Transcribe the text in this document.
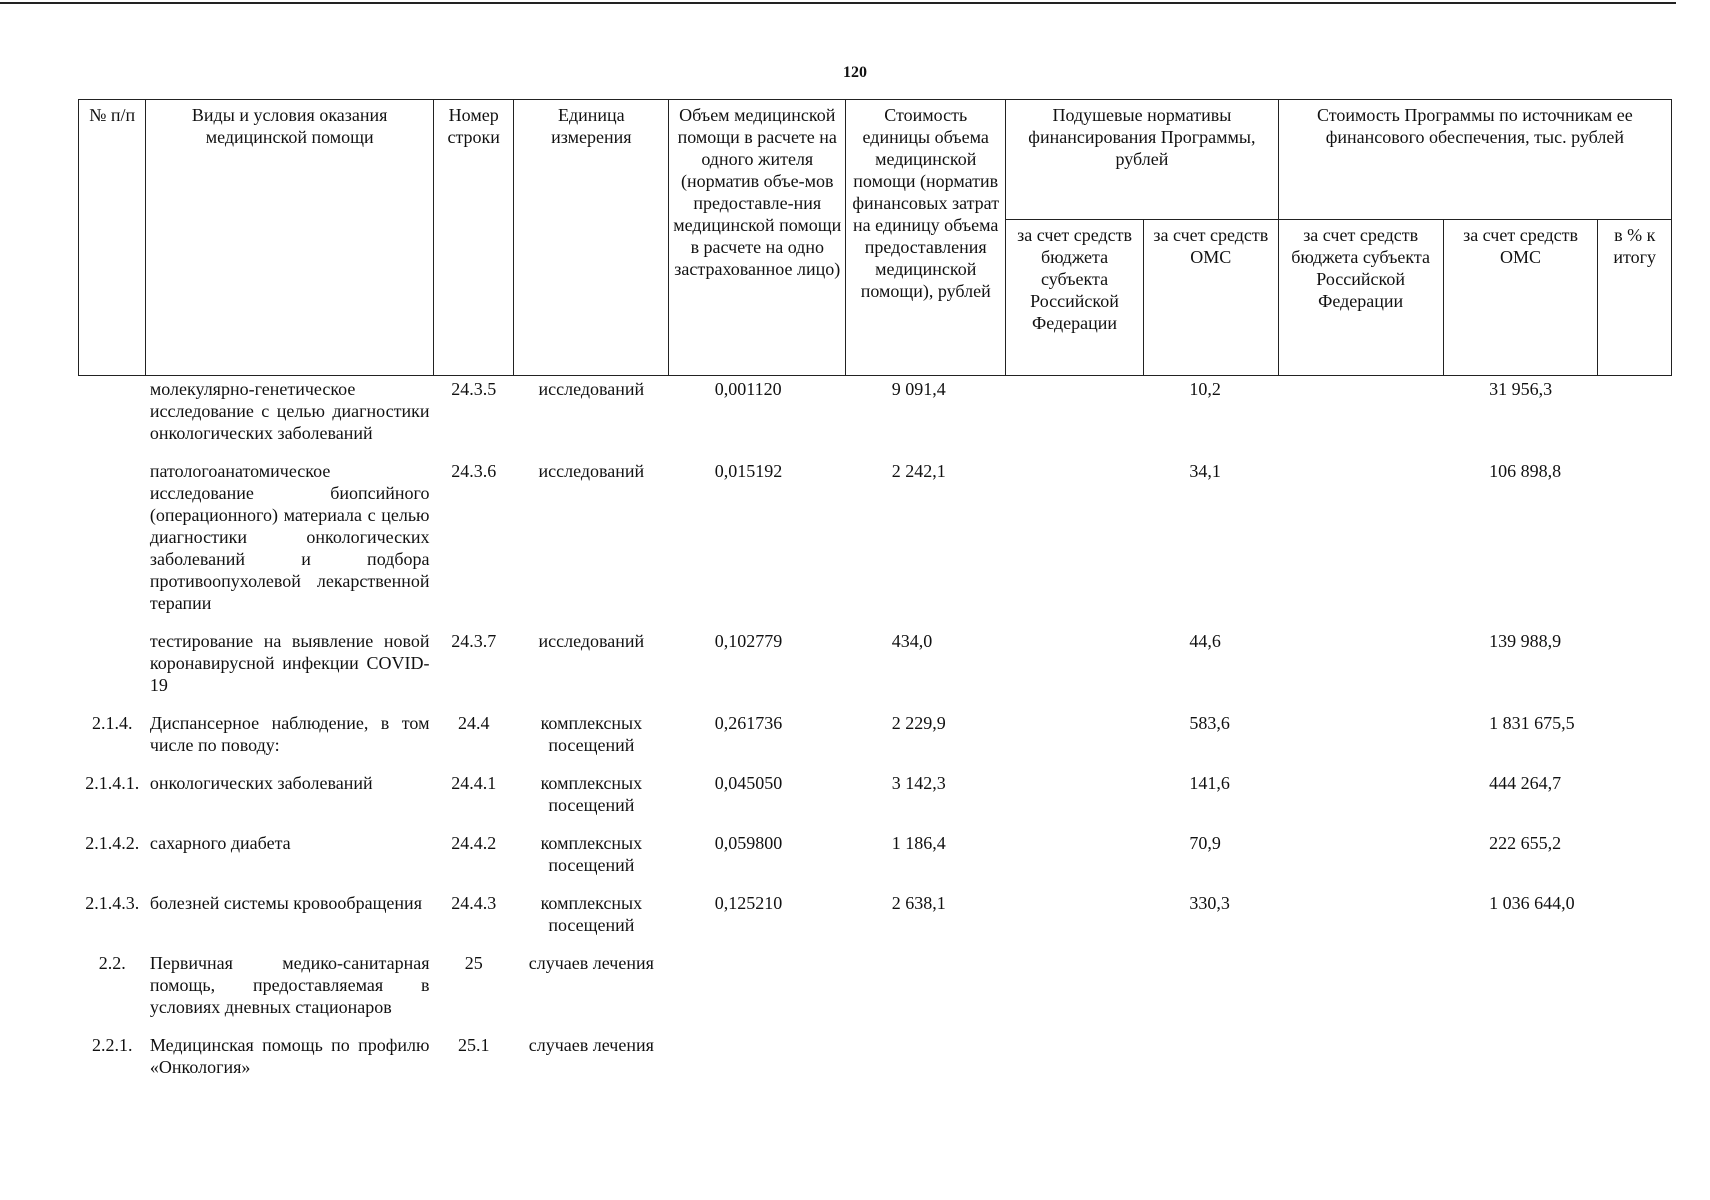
120
№ п/п	Виды и условия оказания медицинской помощи	Номер строки	Единица измерения	Объем медицинской помощи в расчете на одного жителя (норматив объе-мов предоставле-ния медицинской помощи в расчете на одно застрахованное лицо)	Стоимость единицы объема медицинской помощи (норматив финансовых затрат на единицу объема предоставления медицинской помощи), рублей	Подушевые нормативы финансирования Программы, рублей		Стоимость Программы по источникам ее финансового обеспечения, тыс. рублей		
						за счет средств бюджета субъекта Российской Федерации	за счет средств ОМС	за счет средств бюджета субъекта Российской Федерации	за счет средств ОМС	в % к итогу
	молекулярно-генетическое исследование с целью диагностики онкологических заболеваний	24.3.5	исследований	0,001120	9 091,4		10,2		31 956,3	
	патологоанатомическое исследование биопсийного (операционного) материала с целью диагностики онкологических заболеваний и подбора противоопухолевой лекарственной терапии	24.3.6	исследований	0,015192	2 242,1		34,1		106 898,8	
	тестирование на выявление новой коронавирусной инфекции COVID-19	24.3.7	исследований	0,102779	434,0		44,6		139 988,9	
2.1.4.	Диспансерное наблюдение, в том числе по поводу:	24.4	комплексных посещений	0,261736	2 229,9		583,6		1 831 675,5	
2.1.4.1.	онкологических заболеваний	24.4.1	комплексных посещений	0,045050	3 142,3		141,6		444 264,7	
2.1.4.2.	сахарного диабета	24.4.2	комплексных посещений	0,059800	1 186,4		70,9		222 655,2	
2.1.4.3.	болезней системы кровообращения	24.4.3	комплексных посещений	0,125210	2 638,1		330,3		1 036 644,0	
2.2.	Первичная медико-санитарная помощь, предоставляемая в условиях дневных стационаров	25	случаев лечения							
2.2.1.	Медицинская помощь по профилю «Онкология»	25.1	случаев лечения							
